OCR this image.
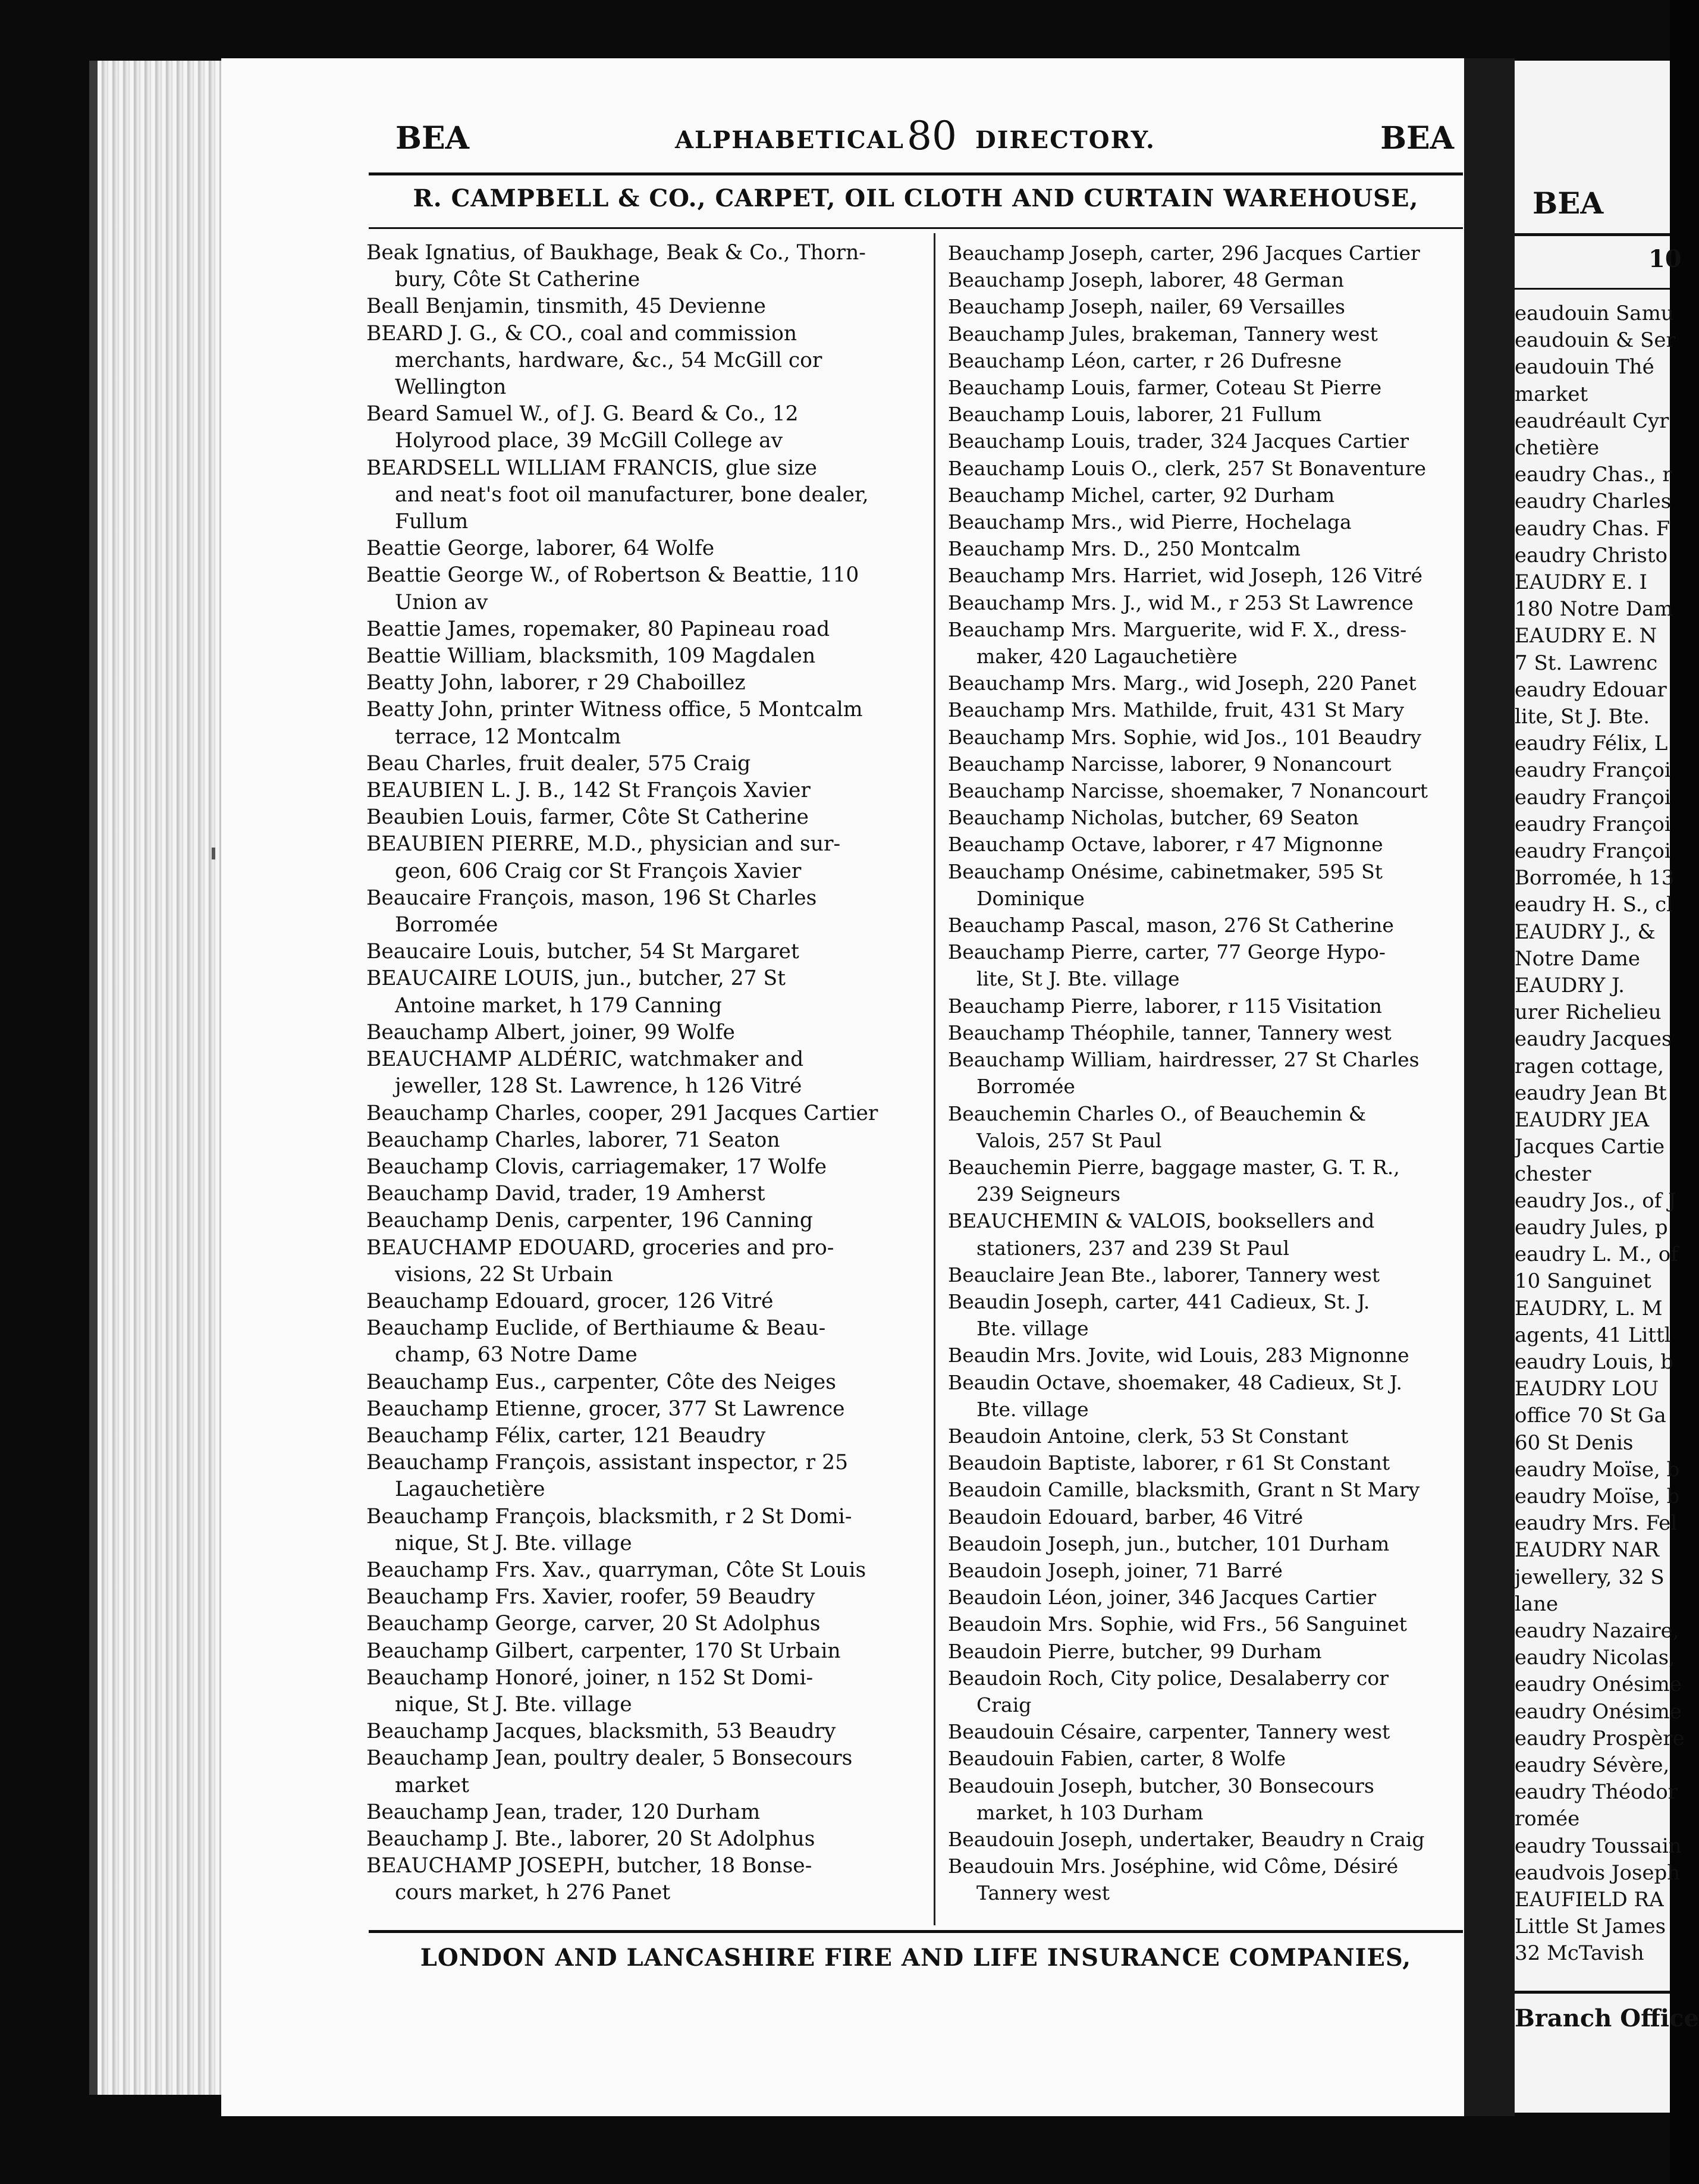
BEA	ALPHABETICAL 80 DIRECTORY.	BEA
R. CAMPBELL & CO., CARPET, OIL CLOTH AND CURTAIN WAREHOUSE,

Beak Ignatius, of Baukhage, Beak & Co., Thorn-
bury, Côte St Catherine

Beall Benjamin, tinsmith, 45 Devienne

BEARD J. G., & CO., coal and commission
merchants, hardware, &c., 54 McGill cor
Wellington

Beard Samuel W., of J. G. Beard & Co., 12
Holyrood place, 39 McGill College av

BEARDSELL WILLIAM FRANCIS, glue size
and neat's foot oil manufacturer, bone dealer,
Fullum

Beattie George, laborer, 64 Wolfe

Beattie George W., of Robertson & Beattie, 110
Union av

Beattie James, ropemaker, 80 Papineau road

Beattie William, blacksmith, 109 Magdalen

Beatty John, laborer, r 29 Chaboillez

Beatty John, printer Witness office, 5 Montcalm
terrace, 12 Montcalm

Beau Charles, fruit dealer, 575 Craig

BEAUBIEN L. J. B., 142 St François Xavier

Beaubien Louis, farmer, Côte St Catherine

BEAUBIEN PIERRE, M.D., physician and sur-
geon, 606 Craig cor St François Xavier

Beaucaire François, mason, 196 St Charles
Borromée

Beaucaire Louis, butcher, 54 St Margaret

BEAUCAIRE LOUIS, jun., butcher, 27 St
Antoine market, h 179 Canning

Beauchamp Albert, joiner, 99 Wolfe

BEAUCHAMP ALDÉRIC, watchmaker and
jeweller, 128 St. Lawrence, h 126 Vitré

Beauchamp Charles, cooper, 291 Jacques Cartier

Beauchamp Charles, laborer, 71 Seaton

Beauchamp Clovis, carriagemaker, 17 Wolfe

Beauchamp David, trader, 19 Amherst

Beauchamp Denis, carpenter, 196 Canning

BEAUCHAMP EDOUARD, groceries and pro-
visions, 22 St Urbain

Beauchamp Edouard, grocer, 126 Vitré

Beauchamp Euclide, of Berthiaume & Beau-
champ, 63 Notre Dame

Beauchamp Eus., carpenter, Côte des Neiges

Beauchamp Etienne, grocer, 377 St Lawrence

Beauchamp Félix, carter, 121 Beaudry

Beauchamp François, assistant inspector, r 25
Lagauchetière

Beauchamp François, blacksmith, r 2 St Domi-
nique, St J. Bte. village

Beauchamp Frs. Xav., quarryman, Côte St Louis

Beauchamp Frs. Xavier, roofer, 59 Beaudry

Beauchamp George, carver, 20 St Adolphus

Beauchamp Gilbert, carpenter, 170 St Urbain

Beauchamp Honoré, joiner, n 152 St Domi-
nique, St J. Bte. village

Beauchamp Jacques, blacksmith, 53 Beaudry

Beauchamp Jean, poultry dealer, 5 Bonsecours
market

Beauchamp Jean, trader, 120 Durham

Beauchamp J. Bte., laborer, 20 St Adolphus

BEAUCHAMP JOSEPH, butcher, 18 Bonse-
cours market, h 276 Panet

Beauchamp Joseph, carter, 296 Jacques Cartier

Beauchamp Joseph, laborer, 48 German

Beauchamp Joseph, nailer, 69 Versailles

Beauchamp Jules, brakeman, Tannery west

Beauchamp Léon, carter, r 26 Dufresne

Beauchamp Louis, farmer, Coteau St Pierre

Beauchamp Louis, laborer, 21 Fullum

Beauchamp Louis, trader, 324 Jacques Cartier

Beauchamp Louis O., clerk, 257 St Bonaventure

Beauchamp Michel, carter, 92 Durham

Beauchamp Mrs., wid Pierre, Hochelaga

Beauchamp Mrs. D., 250 Montcalm

Beauchamp Mrs. Harriet, wid Joseph, 126 Vitré

Beauchamp Mrs. J., wid M., r 253 St Lawrence

Beauchamp Mrs. Marguerite, wid F. X., dress-
maker, 420 Lagauchetière

Beauchamp Mrs. Marg., wid Joseph, 220 Panet

Beauchamp Mrs. Mathilde, fruit, 431 St Mary

Beauchamp Mrs. Sophie, wid Jos., 101 Beaudry

Beauchamp Narcisse, laborer, 9 Nonancourt

Beauchamp Narcisse, shoemaker, 7 Nonancourt

Beauchamp Nicholas, butcher, 69 Seaton

Beauchamp Octave, laborer, r 47 Mignonne

Beauchamp Onésime, cabinetmaker, 595 St
Dominique

Beauchamp Pascal, mason, 276 St Catherine

Beauchamp Pierre, carter, 77 George Hypo-
lite, St J. Bte. village

Beauchamp Pierre, laborer, r 115 Visitation

Beauchamp Théophile, tanner, Tannery west

Beauchamp William, hairdresser, 27 St Charles
Borromée

Beauchemin Charles O., of Beauchemin &
Valois, 257 St Paul

Beauchemin Pierre, baggage master, G. T. R.,
239 Seigneurs

BEAUCHEMIN & VALOIS, booksellers and
stationers, 237 and 239 St Paul

Beauclaire Jean Bte., laborer, Tannery west

Beaudin Joseph, carter, 441 Cadieux, St. J.
Bte. village

Beaudin Mrs. Jovite, wid Louis, 283 Mignonne

Beaudin Octave, shoemaker, 48 Cadieux, St J.
Bte. village

Beaudoin Antoine, clerk, 53 St Constant

Beaudoin Baptiste, laborer, r 61 St Constant

Beaudoin Camille, blacksmith, Grant n St Mary

Beaudoin Edouard, barber, 46 Vitré

Beaudoin Joseph, jun., butcher, 101 Durham

Beaudoin Joseph, joiner, 71 Barré

Beaudoin Léon, joiner, 346 Jacques Cartier

Beaudoin Mrs. Sophie, wid Frs., 56 Sanguinet

Beaudoin Pierre, butcher, 99 Durham

Beaudoin Roch, City police, Desalaberry cor
Craig

Beaudouin Césaire, carpenter, Tannery west

Beaudouin Fabien, carter, 8 Wolfe

Beaudouin Joseph, butcher, 30 Bonsecours
market, h 103 Durham

Beaudouin Joseph, undertaker, Beaudry n Craig

Beaudouin Mrs. Joséphine, wid Côme, Désiré
Tannery west

LONDON AND LANCASHIRE FIRE AND LIFE INSURANCE COMPANIES,
BEA
10

eaudouin Samu

eaudouin & Ser

eaudouin Thé

market

eaudréault Cyr

chetière

eaudry Chas., r

eaudry Charles

eaudry Chas. F

eaudry Christo

EAUDRY E. I

180 Notre Dam

EAUDRY E. N

7 St. Lawrenc

eaudry Edouar

lite, St J. Bte.

eaudry Félix, L

eaudry Françoi

eaudry Françoi

eaudry Françoi

eaudry Françoi

Borromée, h 13

eaudry H. S., cl

EAUDRY J., &

Notre Dame

EAUDRY J.

urer Richelieu

eaudry Jacques

ragen cottage,

eaudry Jean Bt

EAUDRY JEA

Jacques Cartie

chester

eaudry Jos., of J

eaudry Jules, p

eaudry L. M., of

10 Sanguinet

EAUDRY, L. M

agents, 41 Littl

eaudry Louis, b

EAUDRY LOU

office 70 St Ga

60 St Denis

eaudry Moïse, b

eaudry Moïse, b

eaudry Mrs. Fel

EAUDRY NAR

jewellery, 32 S

lane

eaudry Nazaire,

eaudry Nicolas,

eaudry Onésime

eaudry Onésime

eaudry Prospère

eaudry Sévère,

eaudry Théodor

romée

eaudry Toussain

eaudvois Joseph

EAUFIELD RA

Little St James

32 McTavish

Branch Office
